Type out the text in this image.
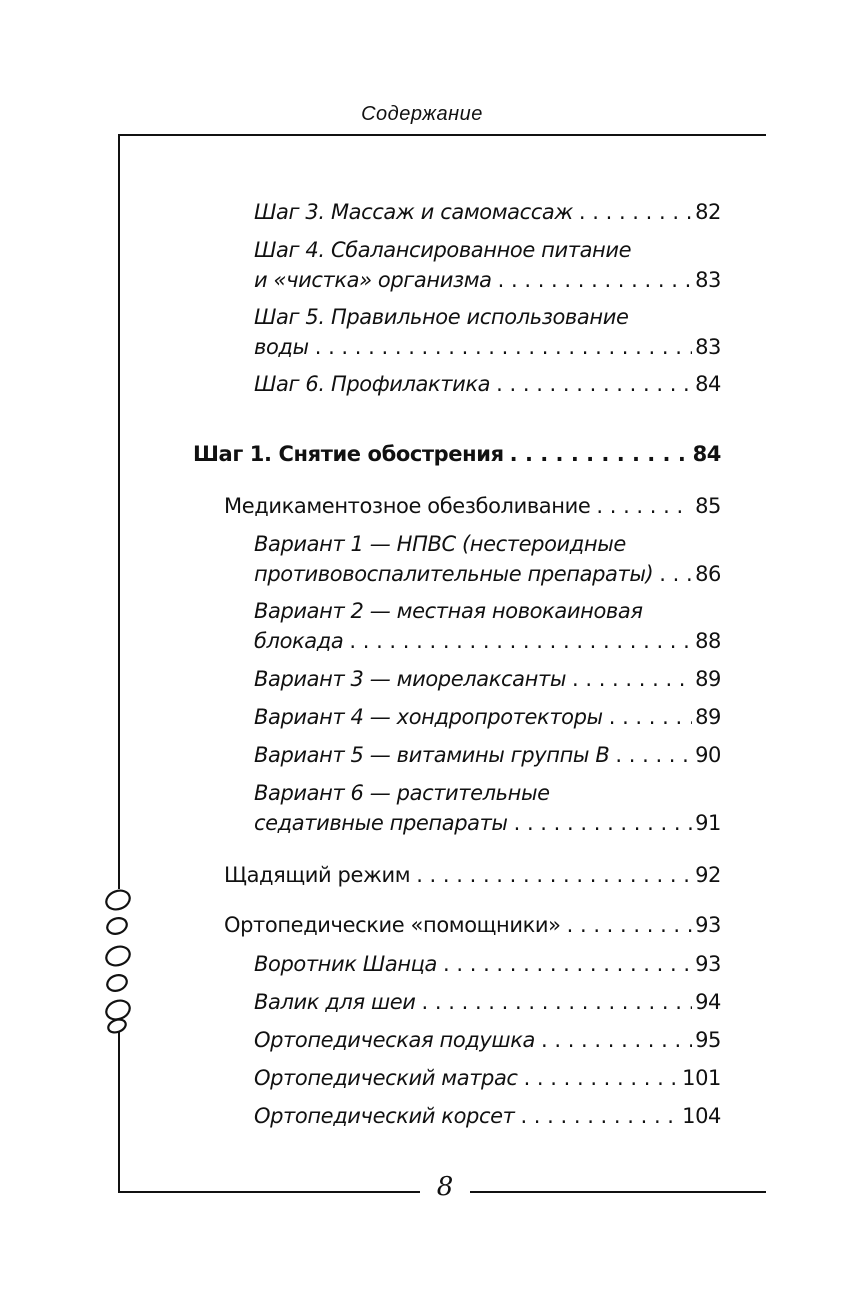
Содержание
Шаг 3. Массаж и самомассаж . . .	82
Шаг 4. Сбалансированное питание
и «чистка» организма . . .	83
Шаг 5. Правильное использование
воды . . .	83
Шаг 6. Профилактика . . .	84
Шаг 1. Снятие обострения . . .	84
Медикаментозное обезболивание . . .	85
Вариант 1 — НПВС (нестероидные
противовоспалительные препараты) . . . 86
Вариант 2 — местная новокаиновая
блокада . . .	88
Вариант 3 — миорелаксанты . . .	89
Вариант 4 — хондропротекторы . . .	89
Вариант 5 — витамины группы В . . .	90
Вариант 6 — растительные
седативные препараты . . .	91
Щадящий режим . . .	92
Ортопедические «помощники» . . .	93
Воротник Шанца . . .	93
Валик для шеи . . .	94
Ортопедическая подушка . . .	95
Ортопедический матрас . . .	101
Ортопедический корсет . . .	104
8
